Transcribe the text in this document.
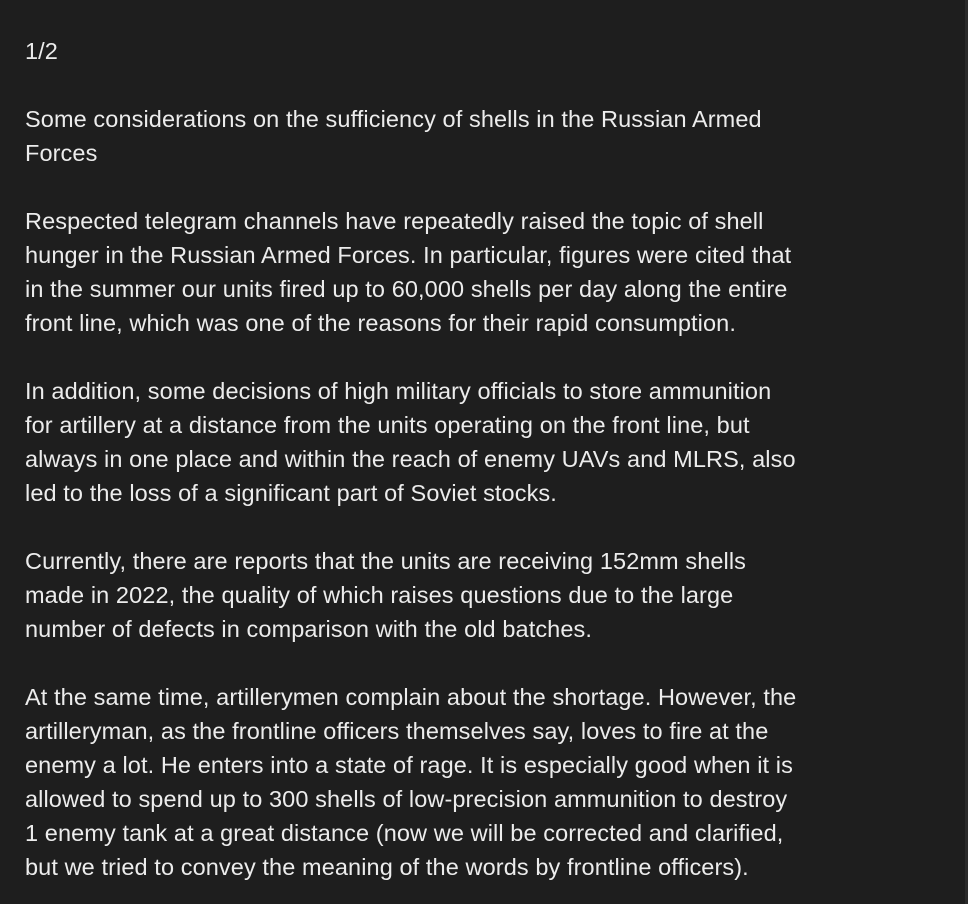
1/2

Some considerations on the sufficiency of shells in the Russian Armed
Forces

Respected telegram channels have repeatedly raised the topic of shell
hunger in the Russian Armed Forces. In particular, figures were cited that
in the summer our units fired up to 60,000 shells per day along the entire
front line, which was one of the reasons for their rapid consumption.

In addition, some decisions of high military officials to store ammunition
for artillery at a distance from the units operating on the front line, but
always in one place and within the reach of enemy UAVs and MLRS, also
led to the loss of a significant part of Soviet stocks.

Currently, there are reports that the units are receiving 152mm shells
made in 2022, the quality of which raises questions due to the large
number of defects in comparison with the old batches.

At the same time, artillerymen complain about the shortage. However, the
artilleryman, as the frontline officers themselves say, loves to fire at the
enemy a lot. He enters into a state of rage. It is especially good when it is
allowed to spend up to 300 shells of low-precision ammunition to destroy
1 enemy tank at a great distance (now we will be corrected and clarified,
but we tried to convey the meaning of the words by frontline officers).
